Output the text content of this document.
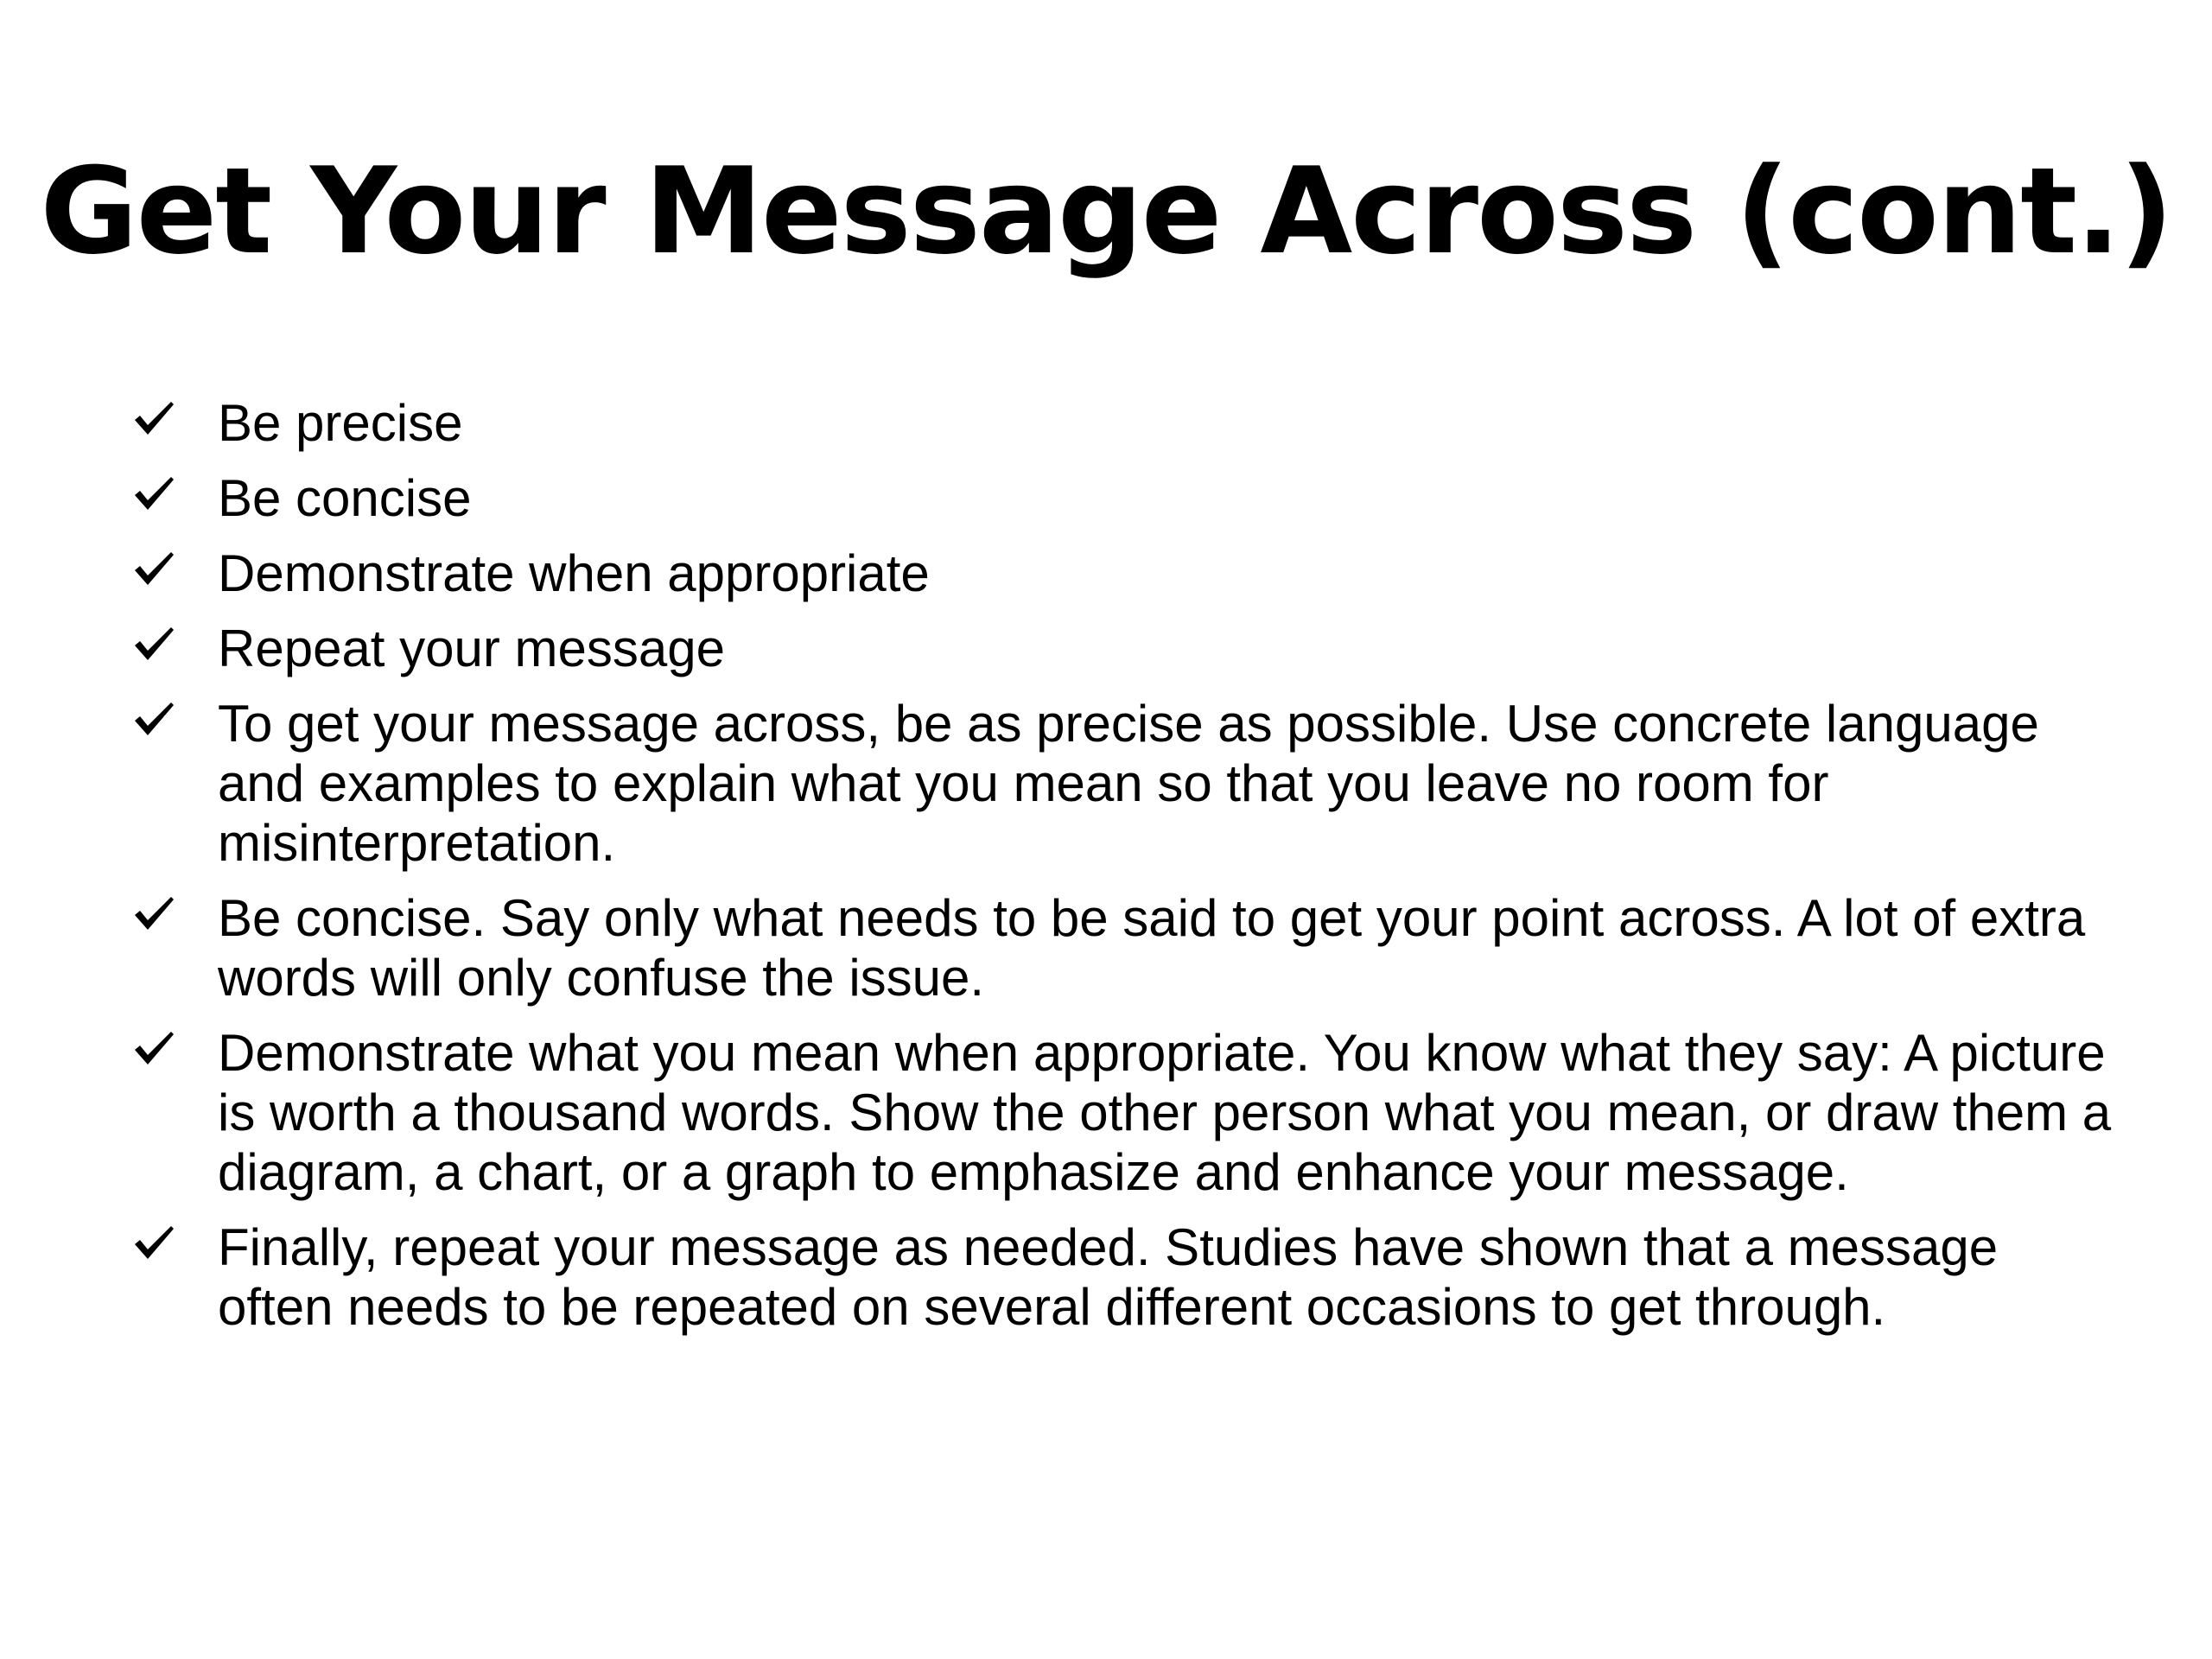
Get Your Message Across (cont.)
Be precise
Be concise
Demonstrate when appropriate
Repeat your message
To get your message across, be as precise as possible. Use concrete language and examples to explain what you mean so that you leave no room for misinterpretation.
Be concise. Say only what needs to be said to get your point across. A lot of extra words will only confuse the issue.
Demonstrate what you mean when appropriate. You know what they say: A picture is worth a thousand words. Show the other person what you mean, or draw them a diagram, a chart, or a graph to emphasize and enhance your message.
Finally, repeat your message as needed. Studies have shown that a message often needs to be repeated on several different occasions to get through.
